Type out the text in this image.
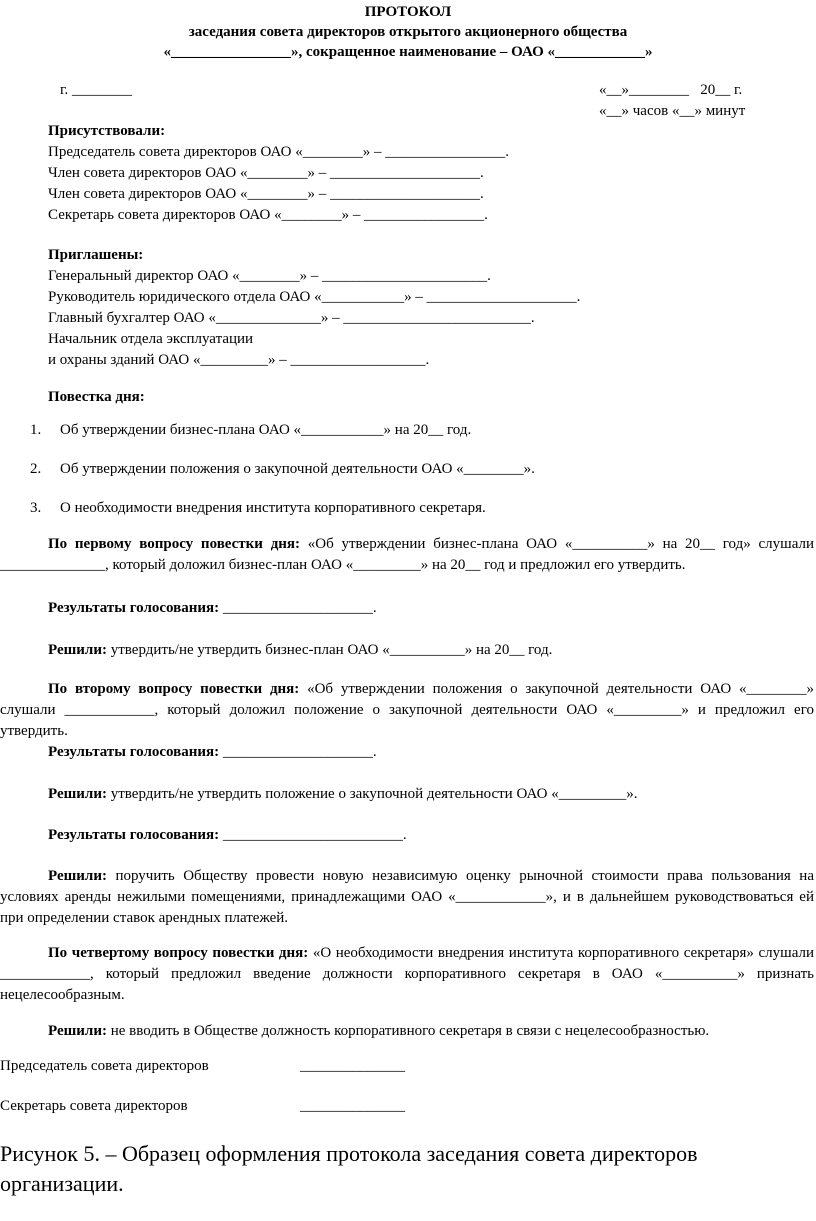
ПРОТОКОЛ
заседания совета директоров открытого акционерного общества
«________________», сокращенное наименование – ОАО «____________»
г. ________	«__»________   20__ г.
«__» часов «__» минут
Присутствовали:
Председатель совета директоров ОАО «________» – ________________.
Член совета директоров ОАО «________» – ____________________.
Член совета директоров ОАО «________» – ____________________.
Секретарь совета директоров ОАО «________» – ________________.
Приглашены:
Генеральный директор ОАО «________» – ______________________.
Руководитель юридического отдела ОАО «___________» – ____________________.
Главный бухгалтер ОАО «______________» – _________________________.
Начальник отдела эксплуатации
и охраны зданий ОАО «_________» – __________________.
Повестка дня:
1. Об утверждении бизнес-плана ОАО «___________» на 20__ год.
2. Об утверждении положения о закупочной деятельности ОАО «________».
3. О необходимости внедрения института корпоративного секретаря.
По первому вопросу повестки дня: «Об утверждении бизнес-плана ОАО «__________» на 20__ год» слушали ______________, который доложил бизнес-план ОАО «_________» на 20__ год и предложил его утвердить.
Результаты голосования: ____________________.
Решили: утвердить/не утвердить бизнес-план ОАО «__________» на 20__ год.
По второму вопросу повестки дня: «Об утверждении положения о закупочной деятельности ОАО «________» слушали ____________, который доложил положение о закупочной деятельности ОАО «_________» и предложил его утвердить.
Результаты голосования: ____________________.
Решили: утвердить/не утвердить положение о закупочной деятельности ОАО «_________».
Результаты голосования: ________________________.
Решили: поручить Обществу провести новую независимую оценку рыночной стоимости права пользования на условиях аренды нежилыми помещениями, принадлежащими ОАО «____________», и в дальнейшем руководствоваться ей при определении ставок арендных платежей.
По четвертому вопросу повестки дня: «О необходимости внедрения института корпоративного секретаря» слушали ____________, который предложил введение должности корпоративного секретаря в ОАО «__________» признать нецелесообразным.
Решили: не вводить в Обществе должность корпоративного секретаря в связи с нецелесообразностью.
Председатель совета директоров	______________
Секретарь совета директоров	______________
Рисунок 5. – Образец оформления протокола заседания совета директоров организации.
